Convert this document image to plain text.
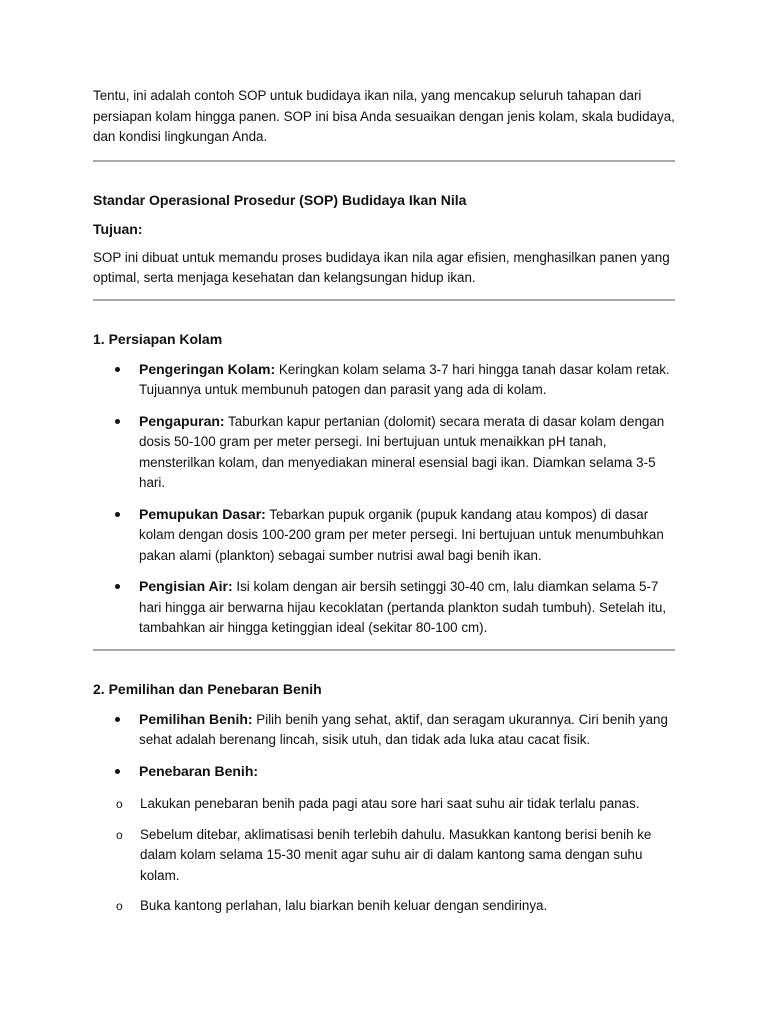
Tentu, ini adalah contoh SOP untuk budidaya ikan nila, yang mencakup seluruh tahapan dari persiapan kolam hingga panen. SOP ini bisa Anda sesuaikan dengan jenis kolam, skala budidaya, dan kondisi lingkungan Anda.

Standar Operasional Prosedur (SOP) Budidaya Ikan Nila
Tujuan:

SOP ini dibuat untuk memandu proses budidaya ikan nila agar efisien, menghasilkan panen yang optimal, serta menjaga kesehatan dan kelangsungan hidup ikan.

1. Persiapan Kolam
Pengeringan Kolam: Keringkan kolam selama 3-7 hari hingga tanah dasar kolam retak. Tujuannya untuk membunuh patogen dan parasit yang ada di kolam.
Pengapuran: Taburkan kapur pertanian (dolomit) secara merata di dasar kolam dengan dosis 50-100 gram per meter persegi. Ini bertujuan untuk menaikkan pH tanah, mensterilkan kolam, dan menyediakan mineral esensial bagi ikan. Diamkan selama 3-5 hari.
Pemupukan Dasar: Tebarkan pupuk organik (pupuk kandang atau kompos) di dasar kolam dengan dosis 100-200 gram per meter persegi. Ini bertujuan untuk menumbuhkan pakan alami (plankton) sebagai sumber nutrisi awal bagi benih ikan.
Pengisian Air: Isi kolam dengan air bersih setinggi 30-40 cm, lalu diamkan selama 5-7 hari hingga air berwarna hijau kecoklatan (pertanda plankton sudah tumbuh). Setelah itu, tambahkan air hingga ketinggian ideal (sekitar 80-100 cm).
2. Pemilihan dan Penebaran Benih
Pemilihan Benih: Pilih benih yang sehat, aktif, dan seragam ukurannya. Ciri benih yang sehat adalah berenang lincah, sisik utuh, dan tidak ada luka atau cacat fisik.
Penebaran Benih:
o Lakukan penebaran benih pada pagi atau sore hari saat suhu air tidak terlalu panas.
o Sebelum ditebar, aklimatisasi benih terlebih dahulu. Masukkan kantong berisi benih ke dalam kolam selama 15-30 menit agar suhu air di dalam kantong sama dengan suhu kolam.
o Buka kantong perlahan, lalu biarkan benih keluar dengan sendirinya.
